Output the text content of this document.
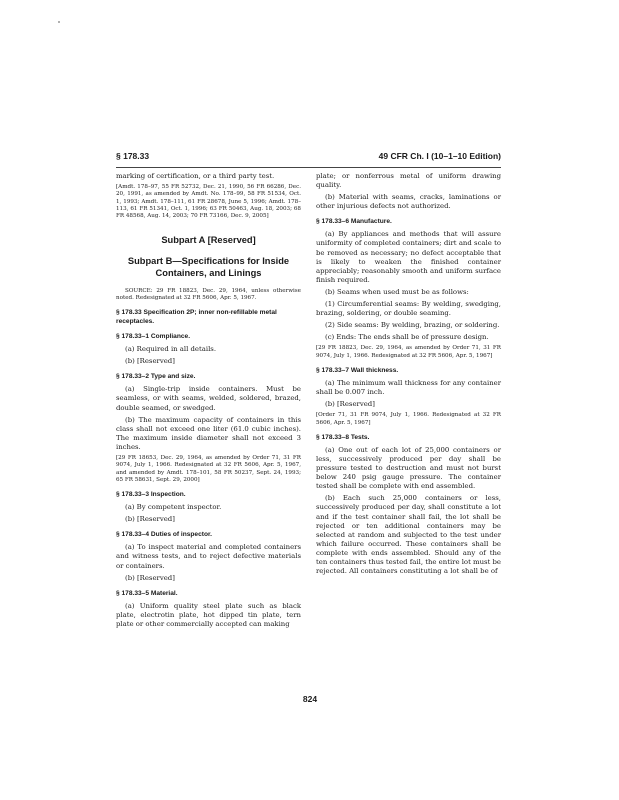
§ 178.33	49 CFR Ch. I (10–1–10 Edition)

marking of certification, or a third party test.

[Amdt. 178–97, 55 FR 52732, Dec. 21, 1990, 56 FR 66286, Dec. 20, 1991, as amended by Amdt. No. 178–99, 58 FR 51534, Oct. 1, 1993; Amdt. 178–111, 61 FR 28678, June 5, 1996; Amdt. 178–113, 61 FR 51341, Oct. 1, 1996; 63 FR 50463, Aug. 18, 2003; 68 FR 48568, Aug. 14, 2003; 70 FR 73166, Dec. 9, 2005]

Subpart A [Reserved]
Subpart B—Specifications for Inside Containers, and Linings

SOURCE: 29 FR 18823, Dec. 29, 1964, unless otherwise noted. Redesignated at 32 FR 5606, Apr. 5, 1967.

§ 178.33 Specification 2P; inner non-refillable metal receptacles.
§ 178.33–1 Compliance.

(a) Required in all details.

(b) [Reserved]

§ 178.33–2 Type and size.

(a) Single-trip inside containers. Must be seamless, or with seams, welded, soldered, brazed, double seamed, or swedged.

(b) The maximum capacity of containers in this class shall not exceed one liter (61.0 cubic inches). The maximum inside diameter shall not exceed 3 inches.

[29 FR 18653, Dec. 29, 1964, as amended by Order 71, 31 FR 9074, July 1, 1966. Redesignated at 32 FR 5606, Apr. 5, 1967, and amended by Amdt. 178–101, 58 FR 50237, Sept. 24, 1993; 65 FR 58631, Sept. 29, 2000]

§ 178.33–3 Inspection.

(a) By competent inspector.

(b) [Reserved]

§ 178.33–4 Duties of inspector.

(a) To inspect material and completed containers and witness tests, and to reject defective materials or containers.

(b) [Reserved]

§ 178.33–5 Material.

(a) Uniform quality steel plate such as black plate, electrotin plate, hot dipped tin plate, tern plate or other commercially accepted can making

plate; or nonferrous metal of uniform drawing quality.

(b) Material with seams, cracks, laminations or other injurious defects not authorized.

§ 178.33–6 Manufacture.

(a) By appliances and methods that will assure uniformity of completed containers; dirt and scale to be removed as necessary; no defect acceptable that is likely to weaken the finished container appreciably; reasonably smooth and uniform surface finish required.

(b) Seams when used must be as follows:

(1) Circumferential seams: By welding, swedging, brazing, soldering, or double seaming.

(2) Side seams: By welding, brazing, or soldering.

(c) Ends: The ends shall be of pressure design.

[29 FR 18823, Dec. 29, 1964, as amended by Order 71, 31 FR 9074, July 1, 1966. Redesignated at 32 FR 5606, Apr. 5, 1967]

§ 178.33–7 Wall thickness.

(a) The minimum wall thickness for any container shall be 0.007 inch.

(b) [Reserved]

[Order 71, 31 FR 9074, July 1, 1966. Redesignated at 32 FR 5606, Apr. 5, 1967]

§ 178.33–8 Tests.

(a) One out of each lot of 25,000 containers or less, successively produced per day shall be pressure tested to destruction and must not burst below 240 psig gauge pressure. The container tested shall be complete with end assembled.

(b) Each such 25,000 containers or less, successively produced per day, shall constitute a lot and if the test container shall fail, the lot shall be rejected or ten additional containers may be selected at random and subjected to the test under which failure occurred. These containers shall be complete with ends assembled. Should any of the ten containers thus tested fail, the entire lot must be rejected. All containers constituting a lot shall be of

824
